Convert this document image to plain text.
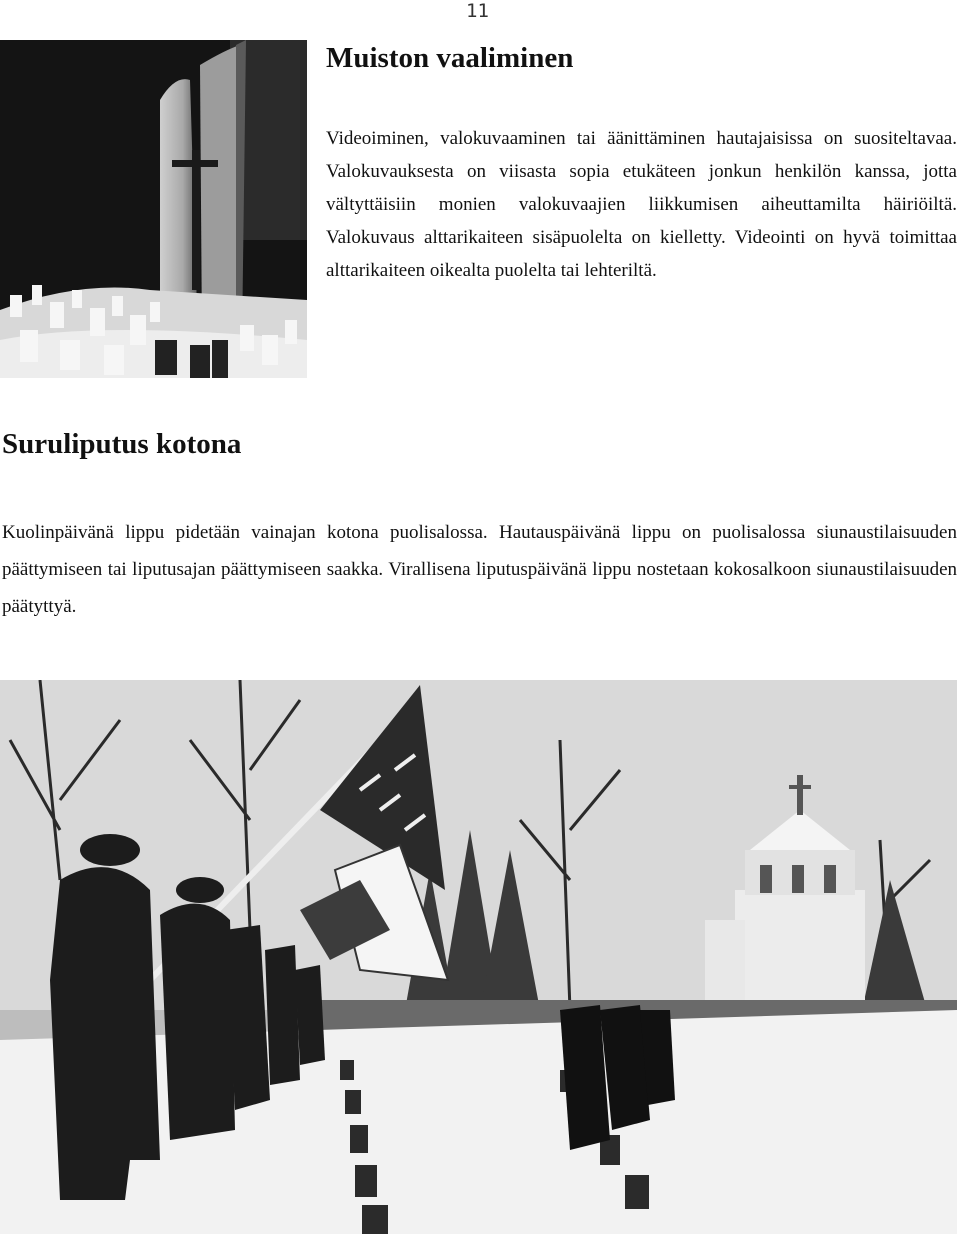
11
Muiston vaaliminen

Videoiminen, valokuvaaminen tai äänittäminen hautajaisissa on suositeltavaa. Valokuvauksesta on viisasta sopia etukäteen jonkun henkilön kanssa, jotta vältyttäisiin monien valokuvaajien liikkumisen aiheuttamilta häiriöiltä. Valokuvaus alttarikaiteen sisäpuolelta on kielletty. Videointi on hyvä toimittaa alttarikaiteen oikealta puolelta tai lehteriltä.

Suruliputus kotona

Kuolinpäivänä lippu pidetään vainajan kotona puolisalossa. Hautauspäivänä lippu on puolisalossa siunaustilaisuuden päättymiseen tai liputusajan päättymiseen saakka. Virallisena liputuspäivänä lippu nostetaan kokosalkoon siunaustilaisuuden päätyttyä.
